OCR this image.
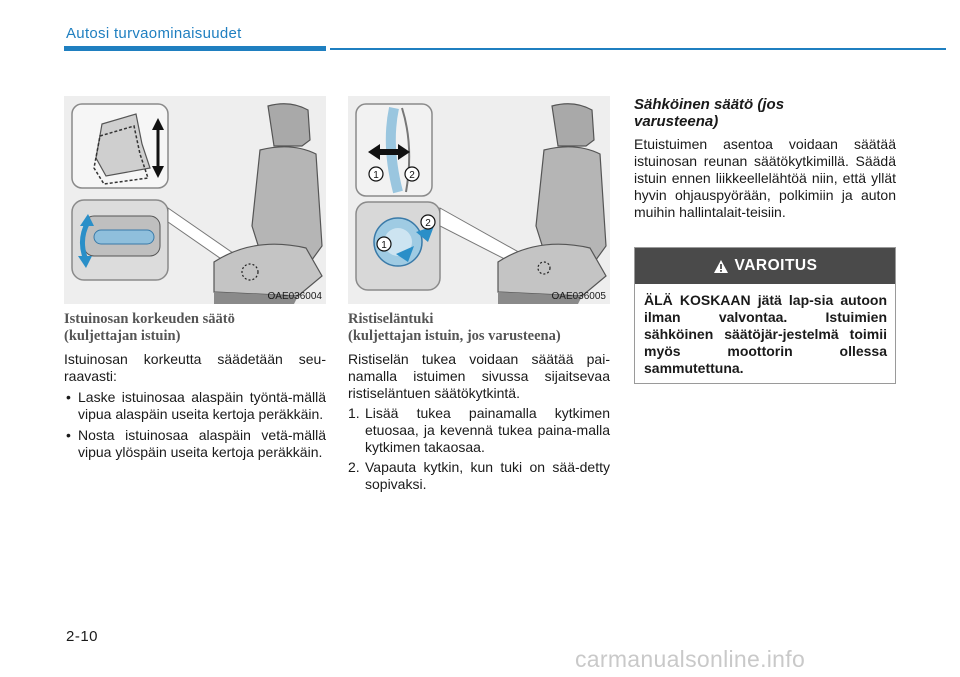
Autosi turvaominaisuudet
OAE036004
Istuinosan korkeuden säätö
(kuljettajan istuin)
Istuinosan korkeutta säädetään seu-raavasti:
• Laske istuinosaa alaspäin työntä-mällä vipua alaspäin useita kertoja peräkkäin.
• Nosta istuinosaa alaspäin vetä-mällä vipua ylöspäin useita kertoja peräkkäin.
1	2
1
2
OAE036005
Ristiseläntuki
(kuljettajan istuin, jos varusteena)
Ristiselän tukea voidaan säätää pai-namalla istuimen sivussa sijaitsevaa ristiseläntuen säätökytkintä.
1. Lisää tukea painamalla kytkimen etuosaa, ja kevennä tukea paina-malla kytkimen takaosaa.
2. Vapauta kytkin, kun tuki on sää-detty sopivaksi.
Sähköinen säätö (jos varusteena)
Etuistuimen asentoa voidaan säätää istuinosan reunan säätökytkimillä. Säädä istuin ennen liikkeellelähtöä niin, että yllät hyvin ohjauspyörään, polkimiin ja auton muihin hallintalait-teisiin.
VAROITUS
ÄLÄ KOSKAAN jätä lap-sia autoon ilman valvontaa. Istuimien sähköinen säätöjär-jestelmä toimii myös moottorin ollessa sammutettuna.
2-10
carmanualsonline.info
